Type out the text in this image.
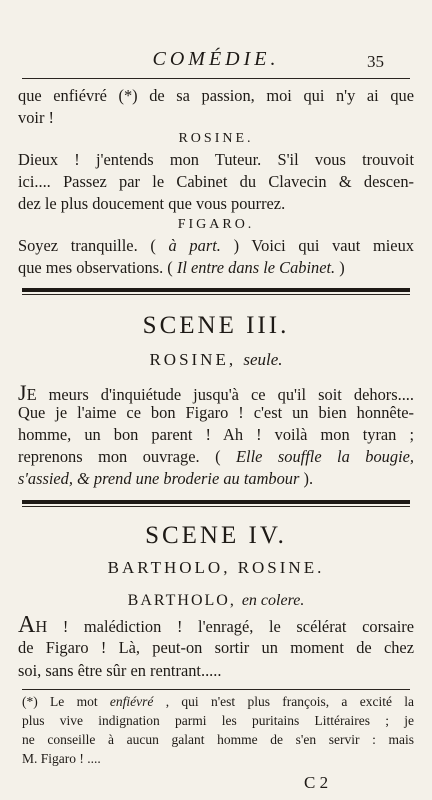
COMÉDIE.	35
que enfiévré (*) de sa passion, moi qui n'y ai que
voir !
ROSINE.
Dieux ! j'entends mon Tuteur. S'il vous trouvoit
ici.... Passez par le Cabinet du Clavecin & descen-
dez le plus doucement que vous pourrez.
FIGARO.
Soyez tranquille. ( à part. ) Voici qui vaut mieux
que mes observations. ( Il entre dans le Cabinet. )
SCENE III.
ROSINE, seule.
JE meurs d'inquiétude jusqu'à ce qu'il soit dehors....
Que je l'aime ce bon Figaro ! c'est un bien honnête-
homme, un bon parent ! Ah ! voilà mon tyran ;
reprenons mon ouvrage. ( Elle souffle la bougie,
s'assied, & prend une broderie au tambour ).
SCENE IV.
BARTHOLO, ROSINE.
BARTHOLO, en colere.
AH ! malédiction ! l'enragé, le scélérat corsaire
de Figaro ! Là, peut-on sortir un moment de chez
soi, sans être sûr en rentrant.....
(*) Le mot enfiévré , qui n'est plus françois, a excité la
plus vive indignation parmi les puritains Littéraires ; je
ne conseille à aucun galant homme de s'en servir : mais
M. Figaro ! ....
C 2
